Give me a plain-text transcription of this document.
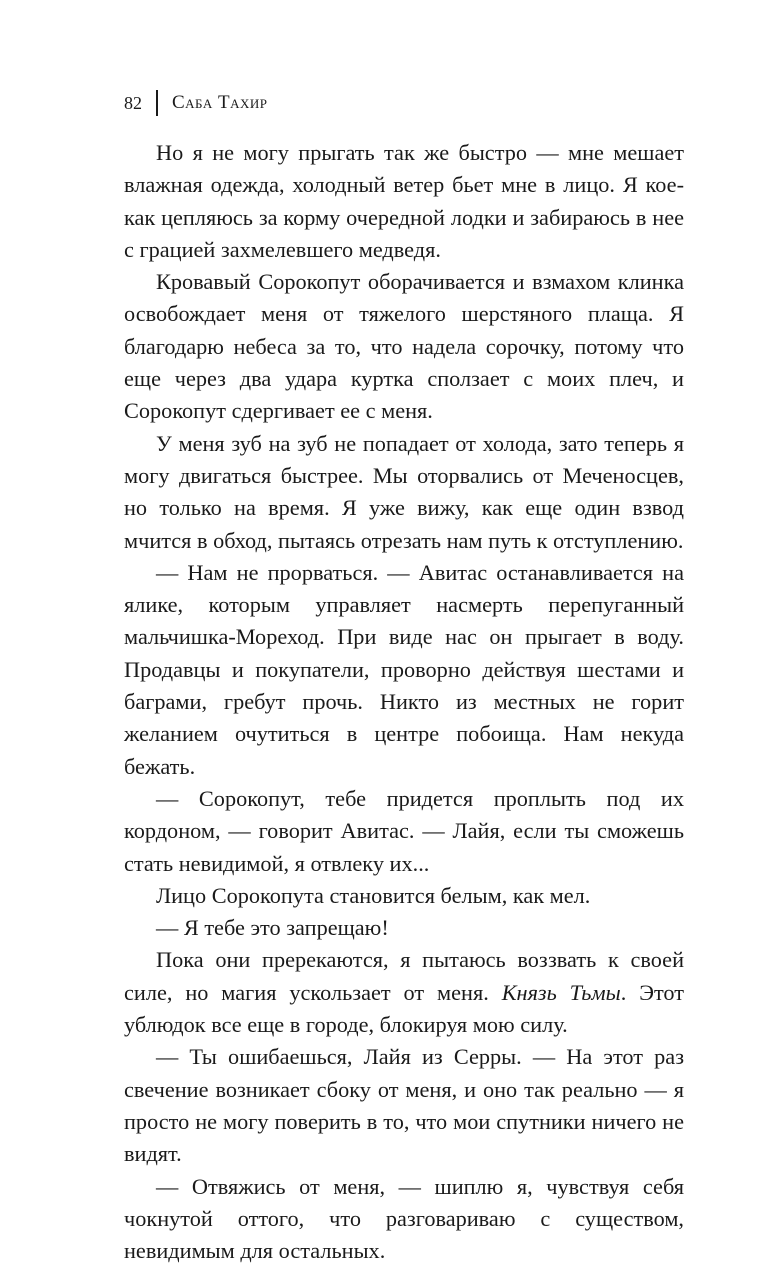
82 Саба Тахир

Но я не могу прыгать так же быстро — мне мешает влажная одежда, холодный ветер бьет мне в лицо. Я кое-как цепляюсь за корму очередной лодки и забираюсь в нее с грацией захмелевшего медведя.

Кровавый Сорокопут оборачивается и взмахом клинка освобождает меня от тяжелого шерстяного плаща. Я благодарю небеса за то, что надела сорочку, потому что еще через два удара куртка сползает с моих плеч, и Сорокопут сдергивает ее с меня.

У меня зуб на зуб не попадает от холода, зато теперь я могу двигаться быстрее. Мы оторвались от Меченосцев, но только на время. Я уже вижу, как еще один взвод мчится в обход, пытаясь отрезать нам путь к отступлению.

— Нам не прорваться. — Авитас останавливается на ялике, которым управляет насмерть перепуганный мальчишка-Мореход. При виде нас он прыгает в воду. Продавцы и покупатели, проворно действуя шестами и баграми, гребут прочь. Никто из местных не горит желанием очутиться в центре побоища. Нам некуда бежать.

— Сорокопут, тебе придется проплыть под их кордоном, — говорит Авитас. — Лайя, если ты сможешь стать невидимой, я отвлеку их...

Лицо Сорокопута становится белым, как мел.

— Я тебе это запрещаю!

Пока они пререкаются, я пытаюсь воззвать к своей силе, но магия ускользает от меня. Князь Тьмы. Этот ублюдок все еще в городе, блокируя мою силу.

— Ты ошибаешься, Лайя из Серры. — На этот раз свечение возникает сбоку от меня, и оно так реально — я просто не могу поверить в то, что мои спутники ничего не видят.

— Отвяжись от меня, — шиплю я, чувствуя себя чокнутой оттого, что разговариваю с существом, невидимым для остальных.
